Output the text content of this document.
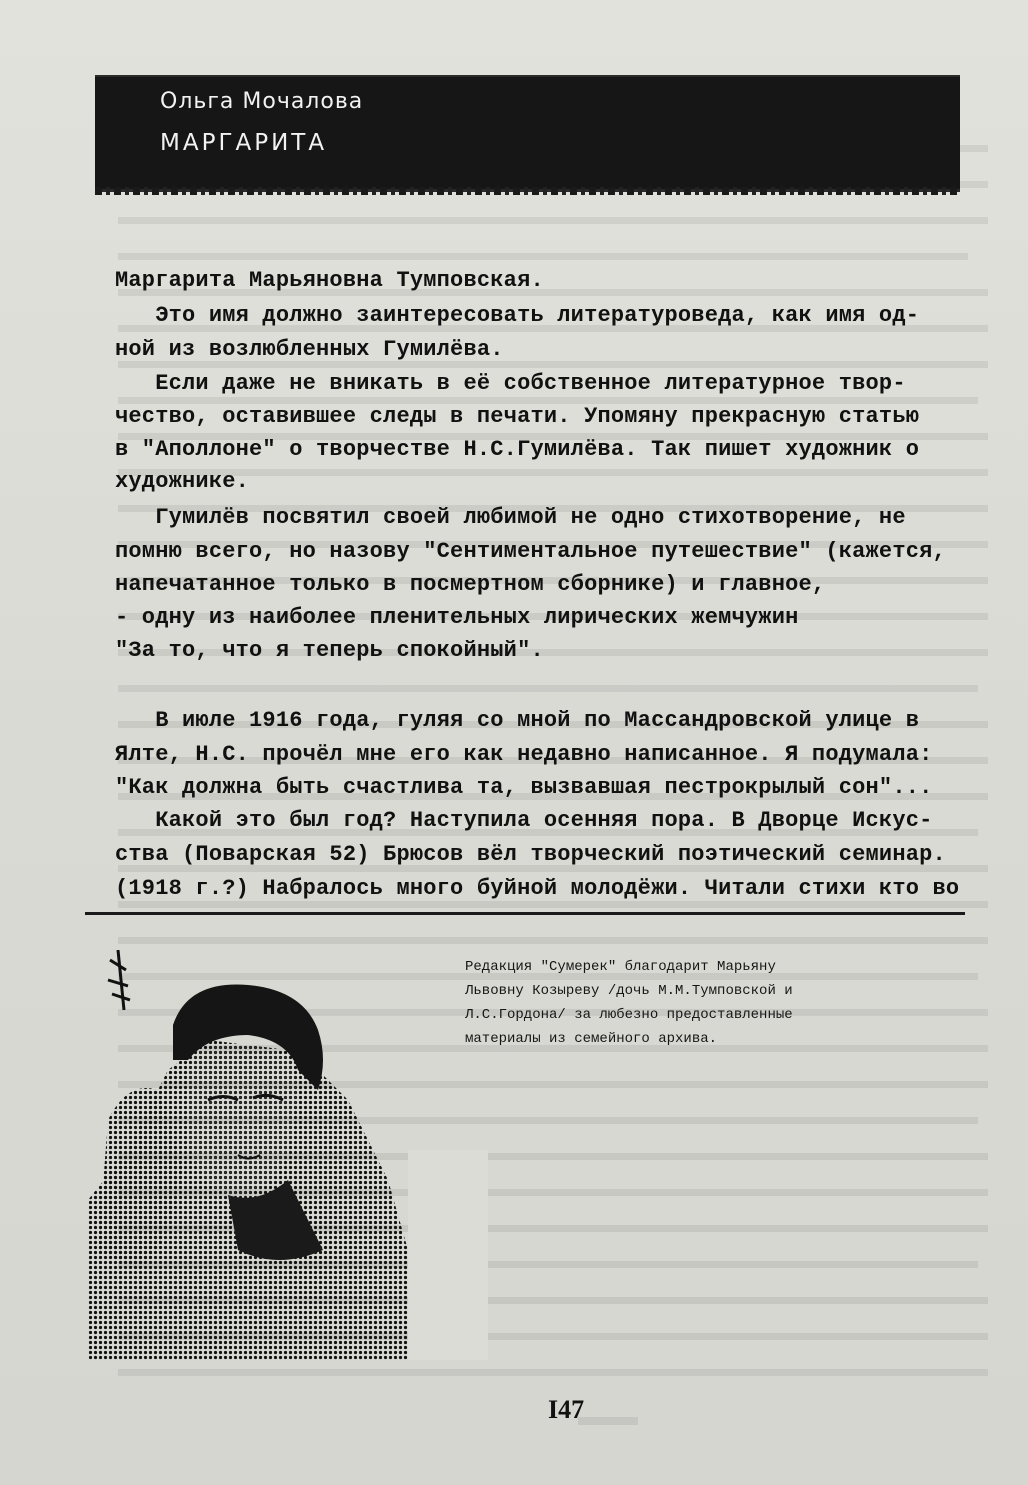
Ольга Мочалова
МАРГАРИТА
Маргарита Марьяновна Тумповская.
Это имя должно заинтересовать литературоведа, как имя од-
ной из возлюбленных Гумилёва.
Если даже не вникать в её собственное литературное твор-
чество, оставившее следы в печати. Упомяну прекрасную статью
в "Аполлоне" о творчестве Н.С.Гумилёва. Так пишет художник о
художнике.
Гумилёв посвятил своей любимой не одно стихотворение, не
помню всего, но назову "Сентиментальное путешествие" (кажется,
напечатанное только в посмертном сборнике) и главное,
- одну из наиболее пленительных лирических жемчужин
"За то, что я теперь спокойный".
В июле 1916 года, гуляя со мной по Массандровской улице в
Ялте, Н.С. прочёл мне его как недавно написанное. Я подумала:
"Как должна быть счастлива та, вызвавшая пестрокрылый сон"...
Какой это был год? Наступила осенняя пора. В Дворце Искус-
ства (Поварская 52) Брюсов вёл творческий поэтический семинар.
(1918 г.?) Набралось много буйной молодёжи. Читали стихи кто во
Редакция "Сумерек" благодарит Марьяну
Львовну Козыреву /дочь М.М.Тумповской и
Л.С.Гордона/ за любезно предоставленные
материалы из семейного архива.
I47
